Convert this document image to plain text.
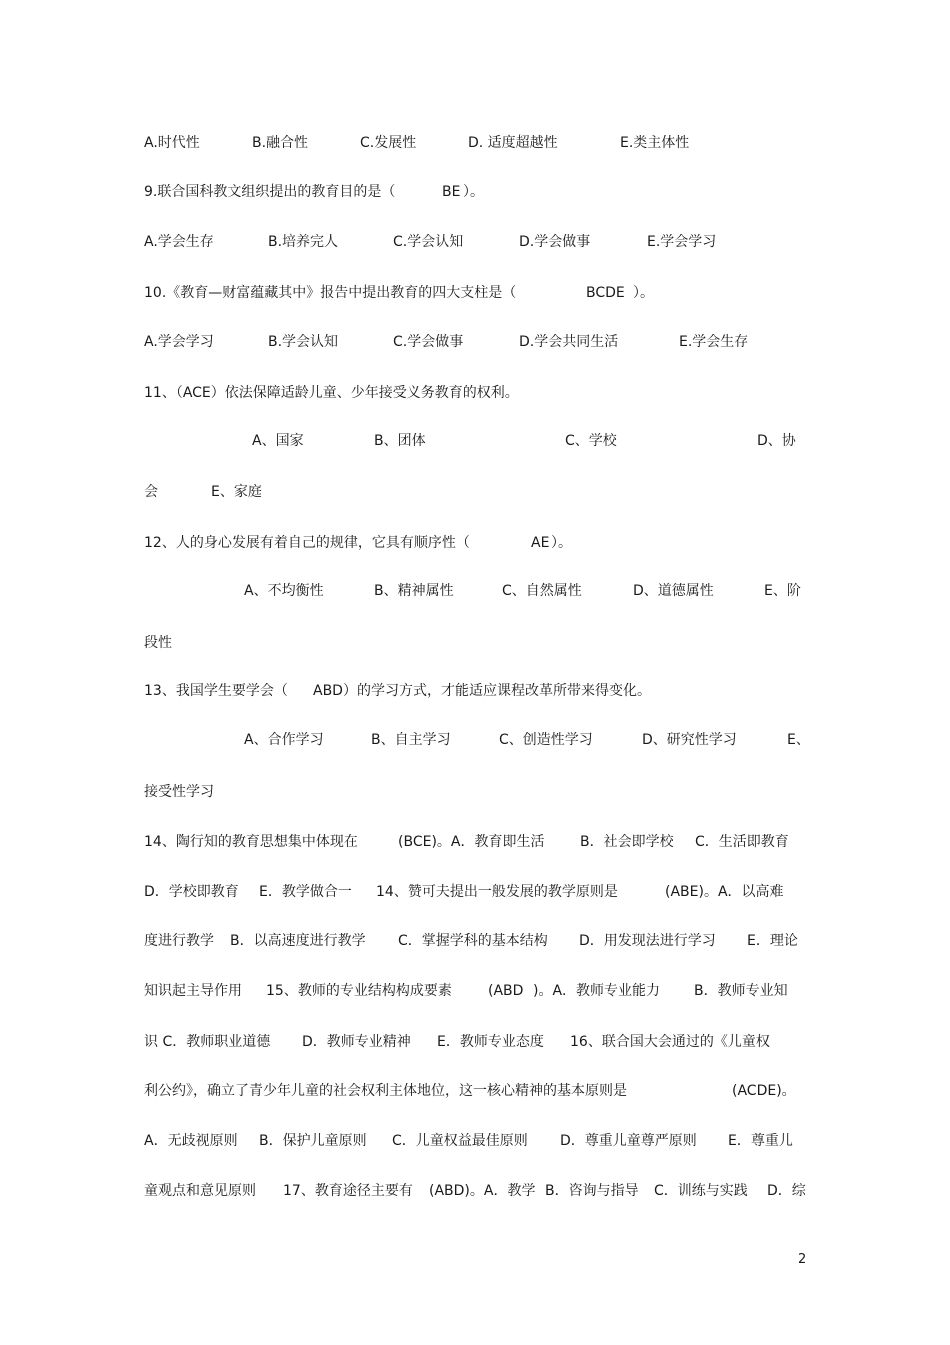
A.时代性	B.融合性	C.发展性	D. 适度超越性	E.类主体性
9.联合国科教文组织提出的教育目的是（	BE ）。
A.学会生存	B.培养完人	C.学会认知	D.学会做事	E.学会学习
10.《教育—财富蕴藏其中》报告中提出教育的四大支柱是（	BCDE ）。
A.学会学习	B.学会认知	C.学会做事	D.学会共同生活	E.学会生存
11、（ACE）依法保障适龄儿童、少年接受义务教育的权利。
A、国家	B、团体	C、学校	D、协
会	E、家庭
12、人的身心发展有着自己的规律，它具有顺序性（	AE ）。
A、不均衡性	B、精神属性	C、自然属性	D、道德属性	E、阶
段性
13、我国学生要学会（ ABD ）的学习方式，才能适应课程改革所带来得变化。
A、合作学习	B、自主学习	C、创造性学习	D、研究性学习	E、
接受性学习
14、陶行知的教育思想集中体现在	(BCE)。A．教育即生活	B．社会即学校 C．生活即教育
D．学校即教育 E．教学做合一 14、赞可夫提出一般发展的教学原则是	(ABE)。A．以高难
度进行教学 B．以高速度进行教学 C．掌握学科的基本结构 D．用发现法进行学习 E．理论
知识起主导作用 15、教师的专业结构构成要素	(ABD )。A．教师专业能力 B．教师专业知
识 C．教师职业道德 D．教师专业精神 E．教师专业态度 16、联合国大会通过的《儿童权
利公约》，确立了青少年儿童的社会权利主体地位，这一核心精神的基本原则是	(ACDE)。
A．无歧视原则 B．保护儿童原则 C．儿童权益最佳原则 D．尊重儿童尊严原则 E．尊重儿
童观点和意见原则 17、教育途径主要有 (ABD)。A．教学 B．咨询与指导 C．训练与实践 D．综
2
